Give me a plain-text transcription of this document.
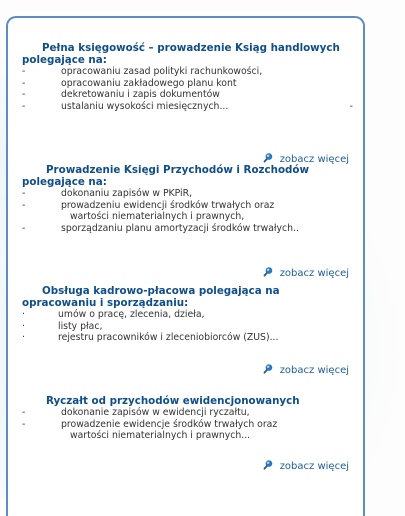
Pełna księgowość – prowadzenie Ksiąg handlowych
polegające na:
-	opracowaniu zasad polityki rachunkowości,
-	opracowaniu zakładowego planu kont
-	dekretowaniu i zapis dokumentów
-	ustalaniu wysokości miesięcznych...	-
zobacz więcej
Prowadzenie Księgi Przychodów i Rozchodów
polegające na:
-	dokonaniu zapisów w PKPiR,
-	prowadzeniu ewidencji środków trwałych oraz
wartości niematerialnych i prawnych,
-	sporządzaniu planu amortyzacji środków trwałych..
zobacz więcej
Obsługa kadrowo-płacowa polegająca na
opracowaniu i sporządzaniu:
·	umów o pracę, zlecenia, dzieła,
·	listy płac,
·	rejestru pracowników i zleceniobiorców (ZUS)...
zobacz więcej
Ryczałt od przychodów ewidencjonowanych
-	dokonanie zapisów w ewidencji ryczałtu,
-	prowadzenie ewidencje środków trwałych oraz
wartości niematerialnych i prawnych...
zobacz więcej
